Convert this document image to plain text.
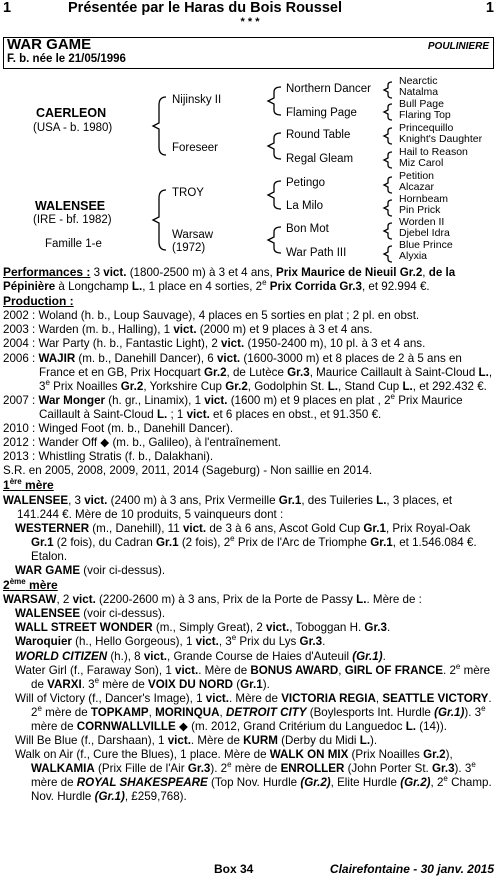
1	Présentée par le Haras du Bois Roussel	1
* * *
WAR GAME	POULINIERE
F. b. née le 21/05/1996
CAERLEON
(USA - b. 1980)
WALENSEE
(IRE - bf. 1982)
Famille 1-e
Nijinsky II
Foreseer
TROY
Warsaw
(1972)
Northern Dancer
Flaming Page
Round Table
Regal Gleam
Petingo
La Milo
Bon Mot
War Path III
Nearctic
Natalma
Bull Page
Flaring Top
Princequillo
Knight's Daughter
Hail to Reason
Miz Carol
Petition
Alcazar
Hornbeam
Pin Prick
Worden II
Djebel Idra
Blue Prince
Alyxia

Performances : 3 vict. (1800-2500 m) à 3 et 4 ans, Prix Maurice de Nieuil Gr.2, de la Pépinière à Longchamp L., 1 place en 4 sorties, 2e Prix Corrida Gr.3, et 92.994 €.

Production :

2002 : Woland (h. b., Loup Sauvage), 4 places en 5 sorties en plat ; 2 pl. en obst.

2003 : Warden (m. b., Halling), 1 vict. (2000 m) et 9 places à 3 et 4 ans.

2004 : War Party (h. b., Fantastic Light), 2 vict. (1950-2400 m), 10 pl. à 3 et 4 ans.

2006 : WAJIR (m. b., Danehill Dancer), 6 vict. (1600-3000 m) et 8 places de 2 à 5 ans en France et en GB, Prix Hocquart Gr.2, de Lutèce Gr.3, Maurice Caillault à Saint-Cloud L., 3e Prix Noailles Gr.2, Yorkshire Cup Gr.2, Godolphin St. L., Stand Cup L., et 292.432 €.

2007 : War Monger (h. gr., Linamix), 1 vict. (1600 m) et 9 places en plat , 2e Prix Maurice Caillault à Saint-Cloud L. ; 1 vict. et 6 places en obst., et 91.350 €.

2010 : Winged Foot (m. b., Danehill Dancer).

2012 : Wander Off ◆ (m. b., Galileo), à l'entraînement.

2013 : Whistling Stratis (f. b., Dalakhani).

S.R. en 2005, 2008, 2009, 2011, 2014 (Sageburg) - Non saillie en 2014.

1ère mère

WALENSEE, 3 vict. (2400 m) à 3 ans, Prix Vermeille Gr.1, des Tuileries L., 3 places, et 141.244 €. Mère de 10 produits, 5 vainqueurs dont :

WESTERNER (m., Danehill), 11 vict. de 3 à 6 ans, Ascot Gold Cup Gr.1, Prix Royal-Oak Gr.1 (2 fois), du Cadran Gr.1 (2 fois), 2e Prix de l'Arc de Triomphe Gr.1, et 1.546.084 €. Etalon.

WAR GAME (voir ci-dessus).

2ème mère

WARSAW, 2 vict. (2200-2600 m) à 3 ans, Prix de la Porte de Passy L.. Mère de :

WALENSEE (voir ci-dessus).

WALL STREET WONDER (m., Simply Great), 2 vict., Toboggan H. Gr.3.

Waroquier (h., Hello Gorgeous), 1 vict., 3e Prix du Lys Gr.3.

WORLD CITIZEN (h.), 8 vict., Grande Course de Haies d'Auteuil (Gr.1).

Water Girl (f., Faraway Son), 1 vict.. Mère de BONUS AWARD, GIRL OF FRANCE. 2e mère de VARXI. 3e mère de VOIX DU NORD (Gr.1).

Will of Victory (f., Dancer's Image), 1 vict.. Mère de VICTORIA REGIA, SEATTLE VICTORY. 2e mère de TOPKAMP, MORINQUA, DETROIT CITY (Boylesports Int. Hurdle (Gr.1)). 3e mère de CORNWALLVILLE ◆ (m. 2012, Grand Critérium du Languedoc L. (14)).

Will Be Blue (f., Darshaan), 1 vict.. Mère de KURM (Derby du Midi L.).

Walk on Air (f., Cure the Blues), 1 place. Mère de WALK ON MIX (Prix Noailles Gr.2), WALKAMIA (Prix Fille de l'Air Gr.3). 2e mère de ENROLLER (John Porter St. Gr.3). 3e mère de ROYAL SHAKESPEARE (Top Nov. Hurdle (Gr.2), Elite Hurdle (Gr.2), 2e Champ. Nov. Hurdle (Gr.1), £259,768).

Box 34	Clairefontaine - 30 janv. 2015
